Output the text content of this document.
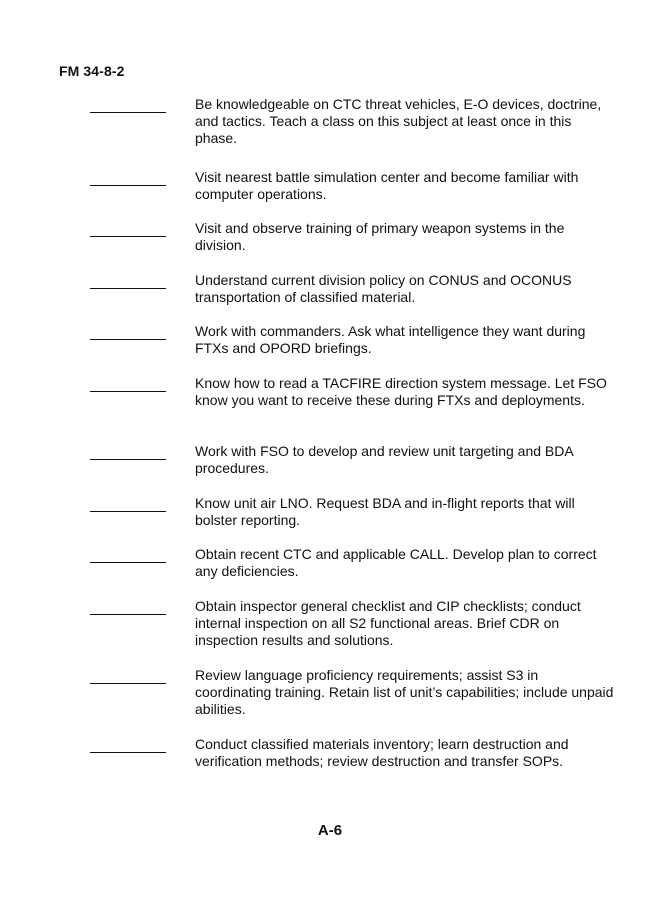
FM 34-8-2
Be knowledgeable on CTC threat vehicles, E-O devices, doctrine, and tactics. Teach a class on this subject at least once in this phase.
Visit nearest battle simulation center and become familiar with computer operations.
Visit and observe training of primary weapon systems in the division.
Understand current division policy on CONUS and OCONUS transportation of classified material.
Work with commanders. Ask what intelligence they want during FTXs and OPORD briefings.
Know how to read a TACFIRE direction system message. Let FSO know you want to receive these during FTXs and deployments.
Work with FSO to develop and review unit targeting and BDA procedures.
Know unit air LNO. Request BDA and in-flight reports that will bolster reporting.
Obtain recent CTC and applicable CALL. Develop plan to correct any deficiencies.
Obtain inspector general checklist and CIP checklists; conduct internal inspection on all S2 functional areas. Brief CDR on inspection results and solutions.
Review language proficiency requirements; assist S3 in coordinating training. Retain list of unit’s capabilities; include unpaid abilities.
Conduct classified materials inventory; learn destruction and verification methods; review destruction and transfer SOPs.
A-6
